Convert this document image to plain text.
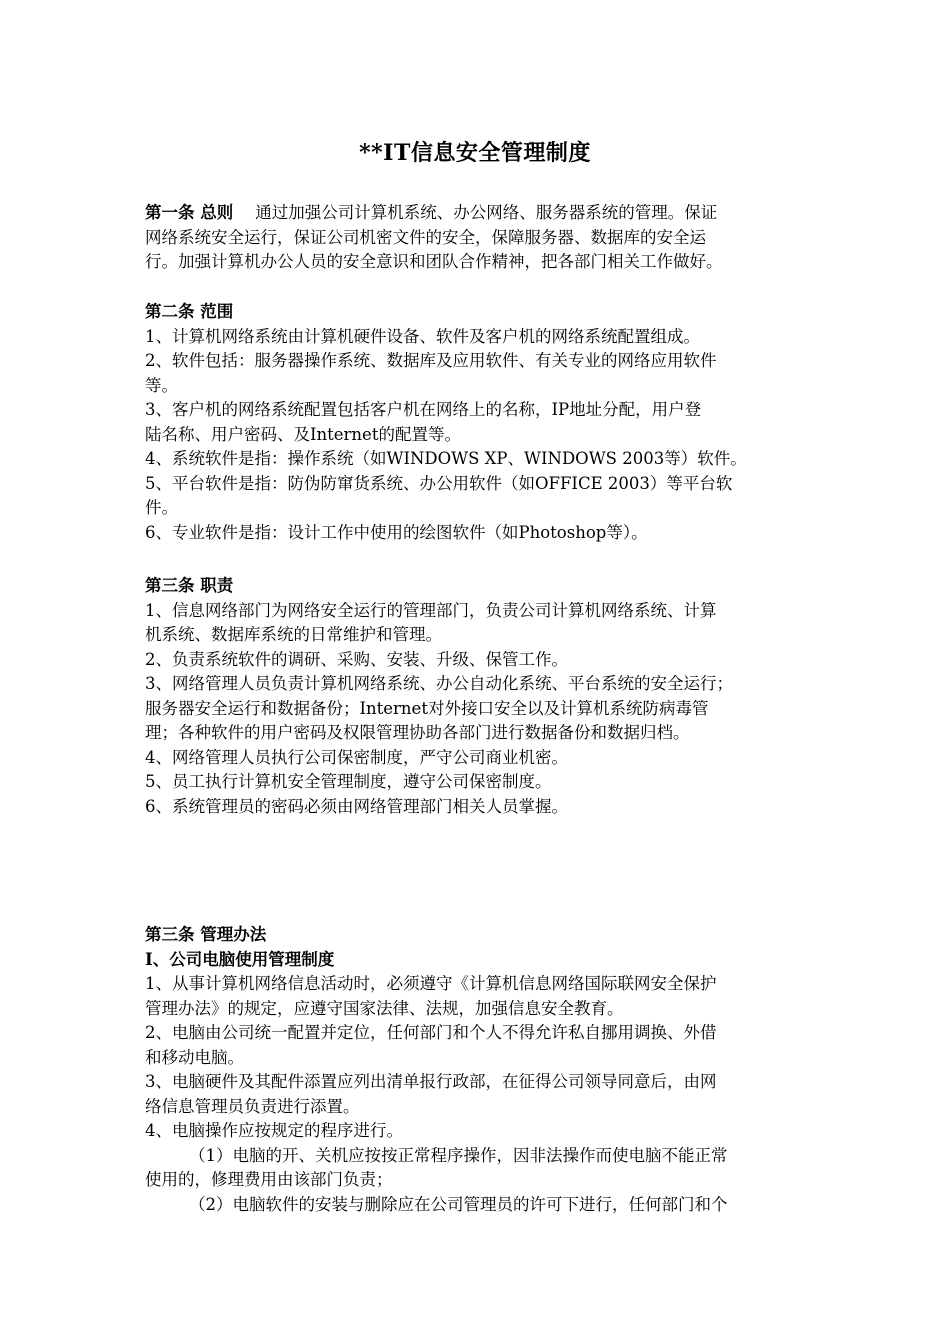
**IT信息安全管理制度
第一条 总则 通过加强公司计算机系统、办公网络、服务器系统的管理。保证
网络系统安全运行，保证公司机密文件的安全，保障服务器、数据库的安全运
行。加强计算机办公人员的安全意识和团队合作精神，把各部门相关工作做好。
第二条 范围
1、计算机网络系统由计算机硬件设备、软件及客户机的网络系统配置组成。
2、软件包括：服务器操作系统、数据库及应用软件、有关专业的网络应用软件
等。
3、客户机的网络系统配置包括客户机在网络上的名称，IP地址分配，用户登
陆名称、用户密码、及Internet的配置等。
4、系统软件是指：操作系统（如WINDOWS XP、WINDOWS 2003等）软件。
5、平台软件是指：防伪防窜货系统、办公用软件（如OFFICE 2003）等平台软
件。
6、专业软件是指：设计工作中使用的绘图软件（如Photoshop等）。
第三条 职责
1、信息网络部门为网络安全运行的管理部门，负责公司计算机网络系统、计算
机系统、数据库系统的日常维护和管理。
2、负责系统软件的调研、采购、安装、升级、保管工作。
3、网络管理人员负责计算机网络系统、办公自动化系统、平台系统的安全运行；
服务器安全运行和数据备份；Internet对外接口安全以及计算机系统防病毒管
理；各种软件的用户密码及权限管理协助各部门进行数据备份和数据归档。
4、网络管理人员执行公司保密制度，严守公司商业机密。
5、员工执行计算机安全管理制度，遵守公司保密制度。
6、系统管理员的密码必须由网络管理部门相关人员掌握。
第三条 管理办法
I、公司电脑使用管理制度
1、从事计算机网络信息活动时，必须遵守《计算机信息网络国际联网安全保护
管理办法》的规定，应遵守国家法律、法规，加强信息安全教育。
2、电脑由公司统一配置并定位，任何部门和个人不得允许私自挪用调换、外借
和移动电脑。
3、电脑硬件及其配件添置应列出清单报行政部，在征得公司领导同意后，由网
络信息管理员负责进行添置。
4、电脑操作应按规定的程序进行。
（1）电脑的开、关机应按按正常程序操作，因非法操作而使电脑不能正常
使用的，修理费用由该部门负责；
（2）电脑软件的安装与删除应在公司管理员的许可下进行，任何部门和个
